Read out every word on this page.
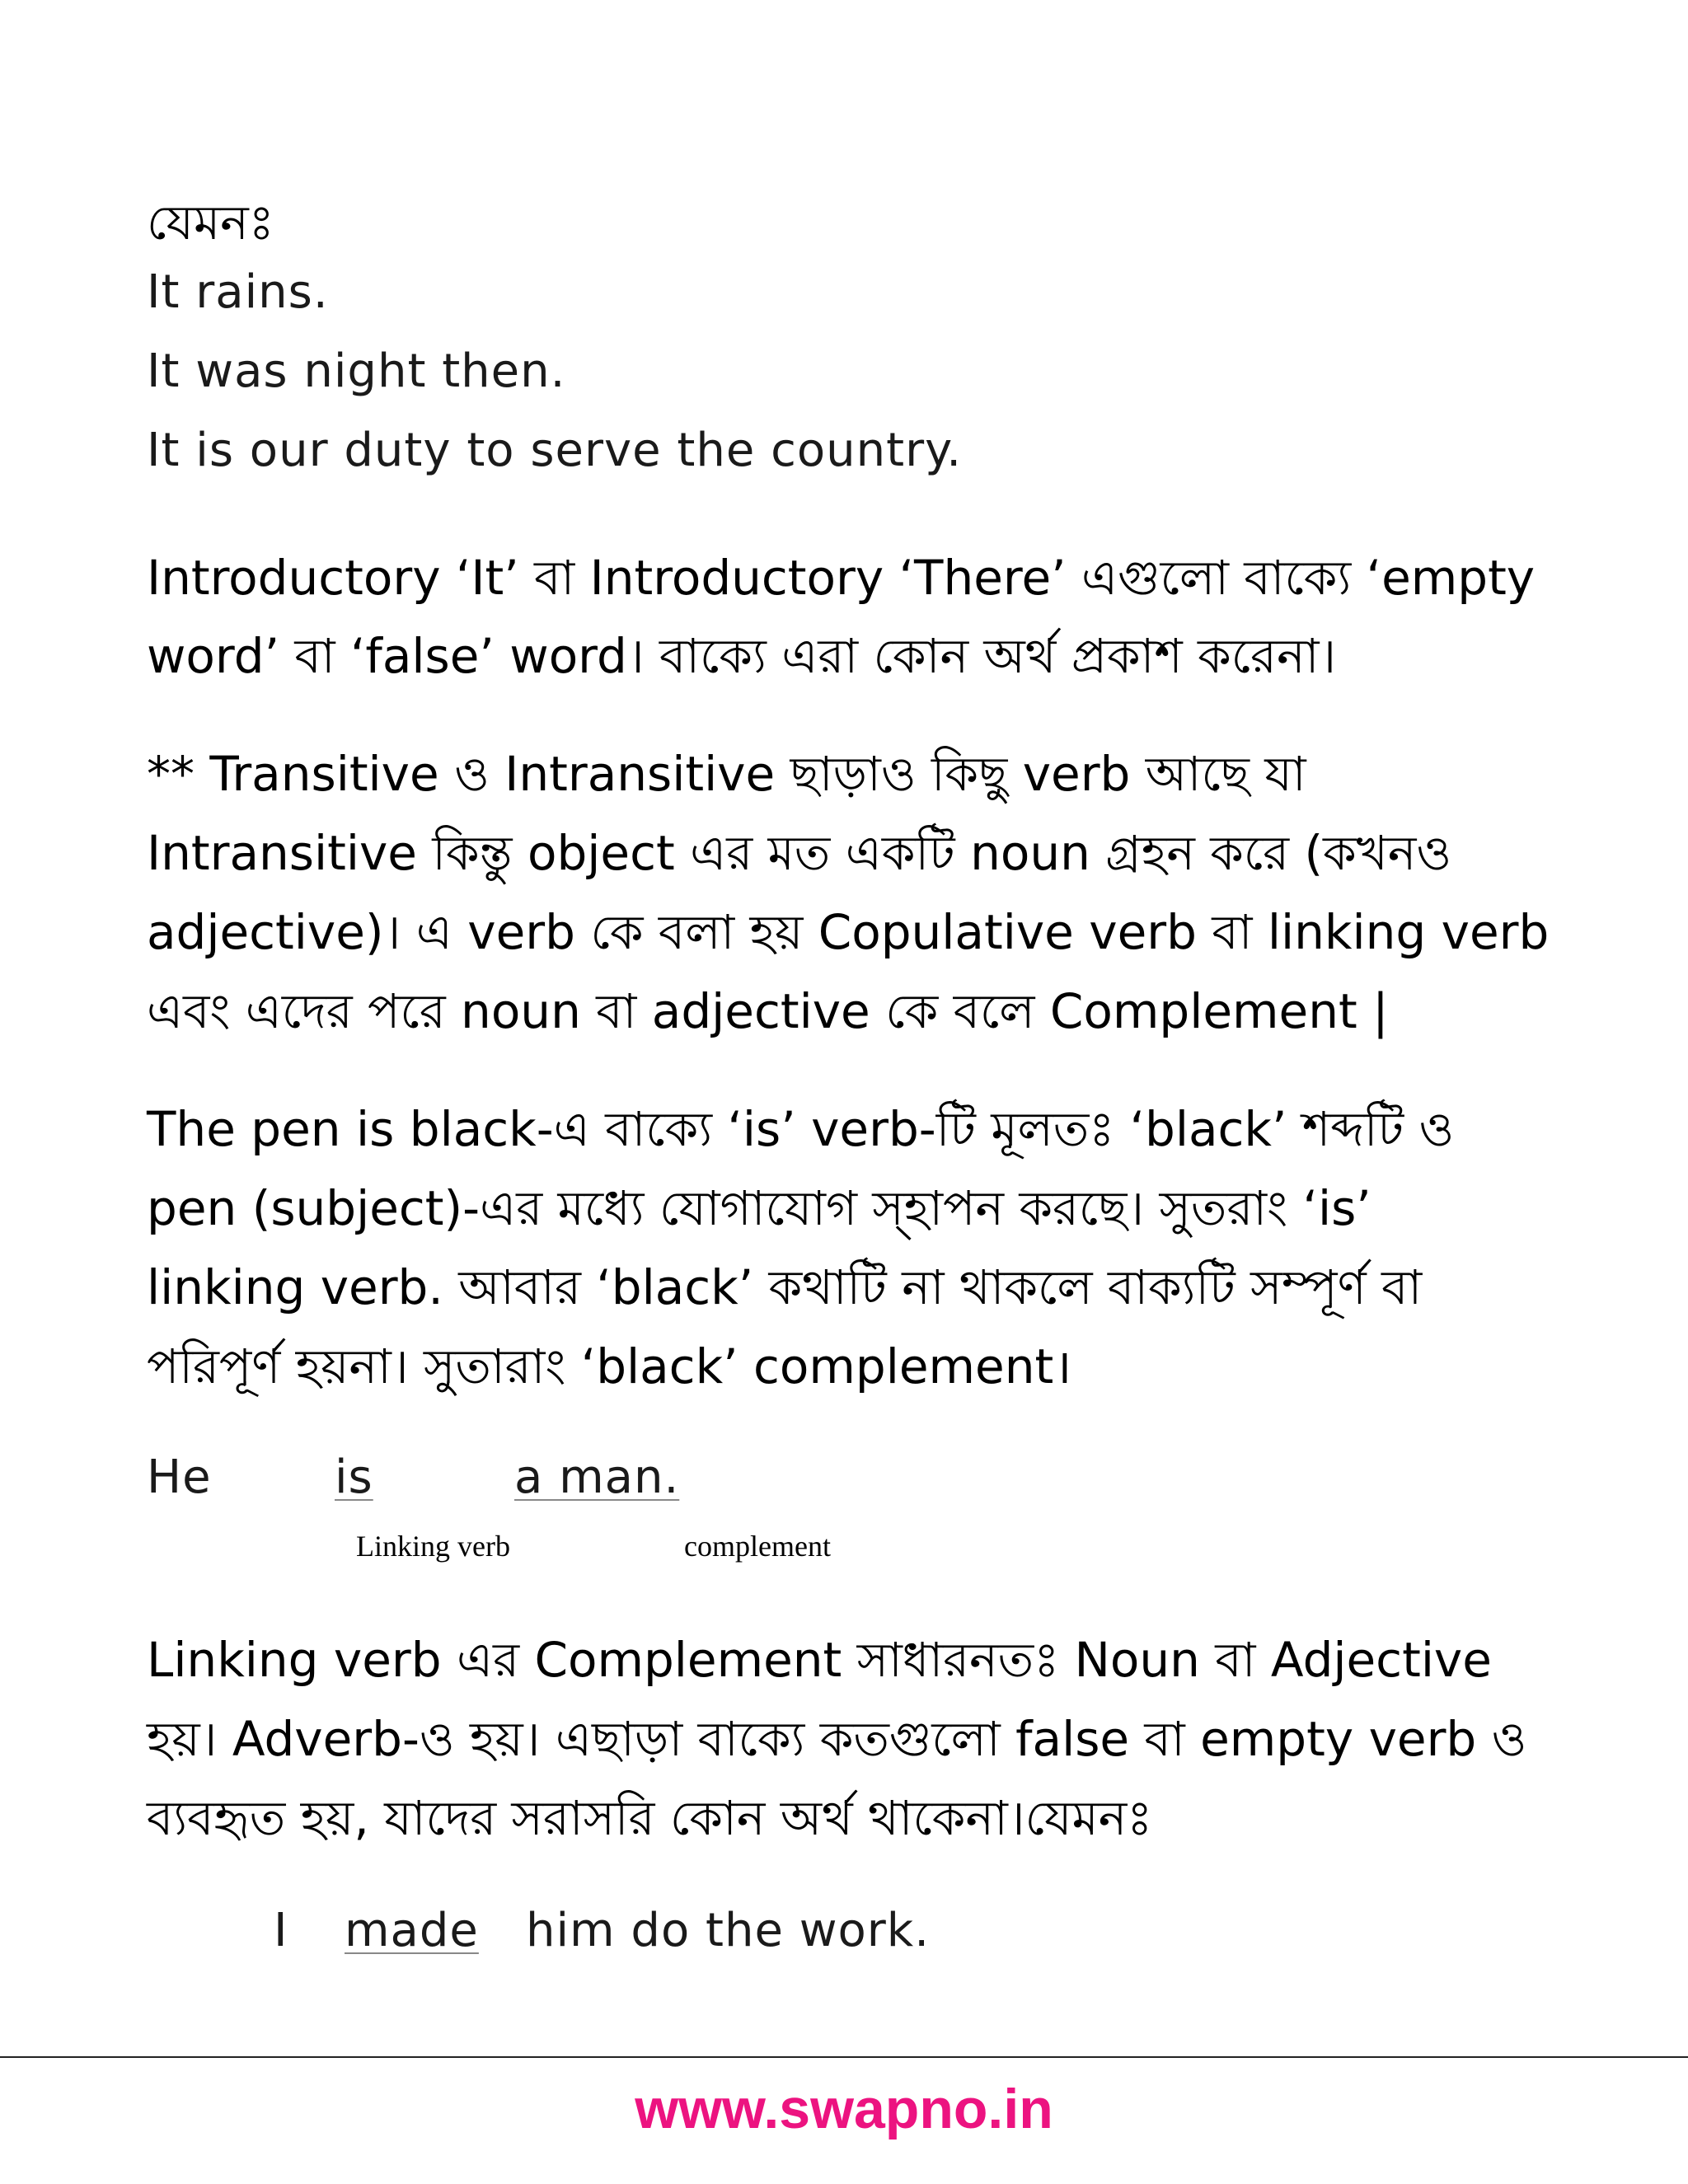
যেমনঃ
It rains.
It was night then.
It is our duty to serve the country.
Introductory ‘It’ বা Introductory ‘There’ এগুলো বাক্যে ‘empty
word’ বা ‘false’ word। বাক্যে এরা কোন অর্থ প্রকাশ করেনা।
** Transitive ও Intransitive ছাড়াও কিছু verb আছে যা
Intransitive কিন্তু object এর মত একটি noun গ্রহন করে (কখনও
adjective)। এ verb কে বলা হয় Copulative verb বা linking verb
এবং এদের পরে noun বা adjective কে বলে Complement |
The pen is black-এ বাক্যে ‘is’ verb-টি মূলতঃ ‘black’ শব্দটি ও
pen (subject)-এর মধ্যে যোগাযোগ স্হাপন করছে। সুতরাং ‘is’
linking verb. আবার ‘black’ কথাটি না থাকলে বাক্যটি সম্পূর্ণ বা
পরিপূর্ণ হয়না। সুতারাং ‘black’ complement।
He	is	a man.
Linking verb	complement
Linking verb এর Complement সাধারনতঃ Noun বা Adjective
হয়। Adverb-ও হয়। এছাড়া বাক্যে কতগুলো false বা empty verb ও
ব্যবহৃত হয়, যাদের সরাসরি কোন অর্থ থাকেনা।যেমনঃ
I made him do the work.
www.swapno.in
